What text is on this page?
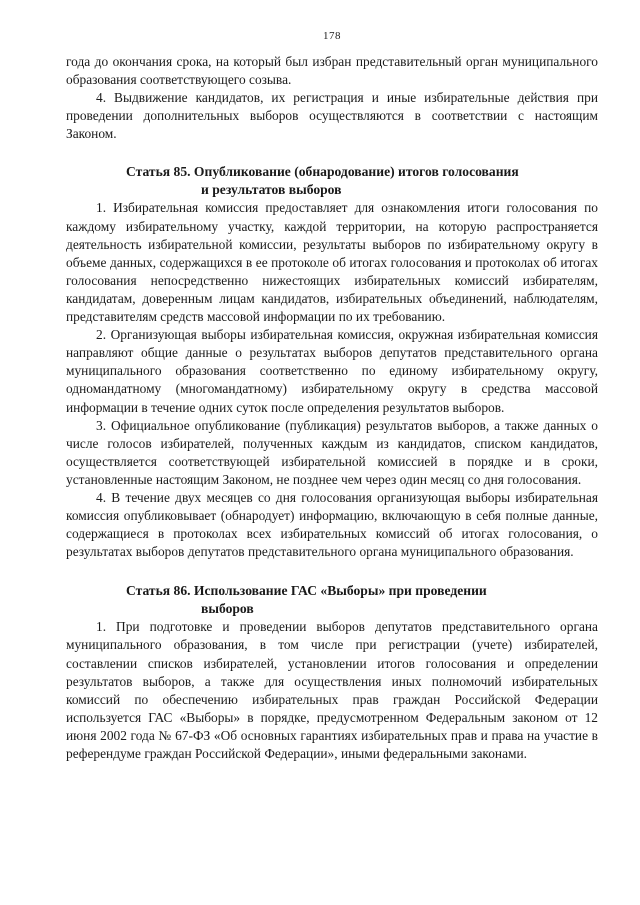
178

года до окончания срока, на который был избран представительный орган муниципального образования соответствующего созыва.

4. Выдвижение кандидатов, их регистрация и иные избирательные действия при проведении дополнительных выборов осуществляются в соответствии с настоящим Законом.

Статья 85. Опубликование (обнародование) итогов голосования
и результатов выборов

1. Избирательная комиссия предоставляет для ознакомления итоги голосования по каждому избирательному участку, каждой территории, на которую распространяется деятельность избирательной комиссии, результаты выборов по избирательному округу в объеме данных, содержащихся в ее протоколе об итогах голосования и протоколах об итогах голосования непосредственно нижестоящих избирательных комиссий избирателям, кандидатам, доверенным лицам кандидатов, избирательных объединений, наблюдателям, представителям средств массовой информации по их требованию.

2. Организующая выборы избирательная комиссия, окружная избирательная комиссия направляют общие данные о результатах выборов депутатов представительного органа муниципального образования соответственно по единому избирательному округу, одномандатному (многомандатному) избирательному округу в средства массовой информации в течение одних суток после определения результатов выборов.

3. Официальное опубликование (публикация) результатов выборов, а также данных о числе голосов избирателей, полученных каждым из кандидатов, списком кандидатов, осуществляется соответствующей избирательной комиссией в порядке и в сроки, установленные настоящим Законом, не позднее чем через один месяц со дня голосования.

4. В течение двух месяцев со дня голосования организующая выборы избирательная комиссия опубликовывает (обнародует) информацию, включающую в себя полные данные, содержащиеся в протоколах всех избирательных комиссий об итогах голосования, о результатах выборов депутатов представительного органа муниципального образования.

Статья 86. Использование ГАС «Выборы» при проведении
выборов

1. При подготовке и проведении выборов депутатов представительного органа муниципального образования, в том числе при регистрации (учете) избирателей, составлении списков избирателей, установлении итогов голосования и определении результатов выборов, а также для осуществления иных полномочий избирательных комиссий по обеспечению избирательных прав граждан Российской Федерации используется ГАС «Выборы» в порядке, предусмотренном Федеральным законом от 12 июня 2002 года № 67-ФЗ «Об основных гарантиях избирательных прав и права на участие в референдуме граждан Российской Федерации», иными федеральными законами.
